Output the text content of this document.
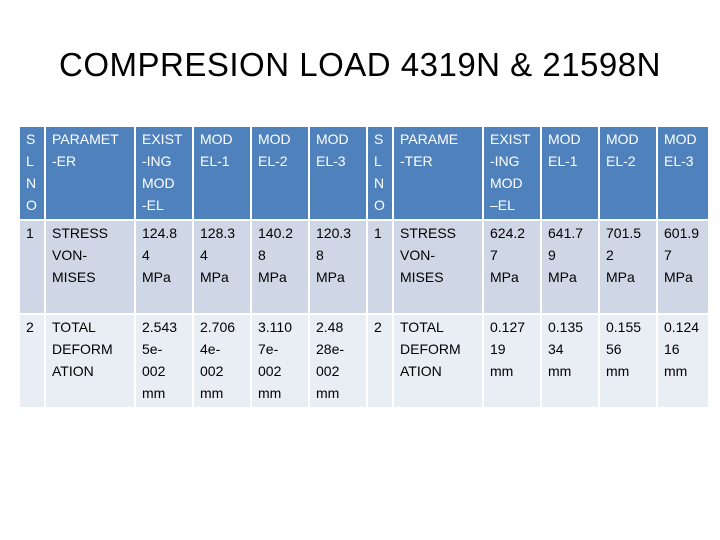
COMPRESION LOAD 4319N & 21598N
S
L
N
O	PARAMET
-ER	EXIST
-ING
MOD
-EL	MOD
EL-1	MOD
EL-2	MOD
EL-3	S
L
N
O	PARAME
-TER	EXIST
-ING
MOD
–EL	MOD
EL-1	MOD
EL-2	MOD
EL-3
1	STRESS
VON-
MISES	124.8
4
MPa	128.3
4
MPa	140.2
8
MPa	120.3
8
MPa	1	STRESS
VON-
MISES	624.2
7
MPa	641.7
9
MPa	701.5
2
MPa	601.9
7
MPa
2	TOTAL
DEFORM
ATION	2.543
5e-
002
mm	2.706
4e-
002
mm	3.110
7e-
002
mm	2.48
28e-
002
mm	2	TOTAL
DEFORM
ATION	0.127
19
mm	0.135
34
mm	0.155
56
mm	0.124
16
mm
